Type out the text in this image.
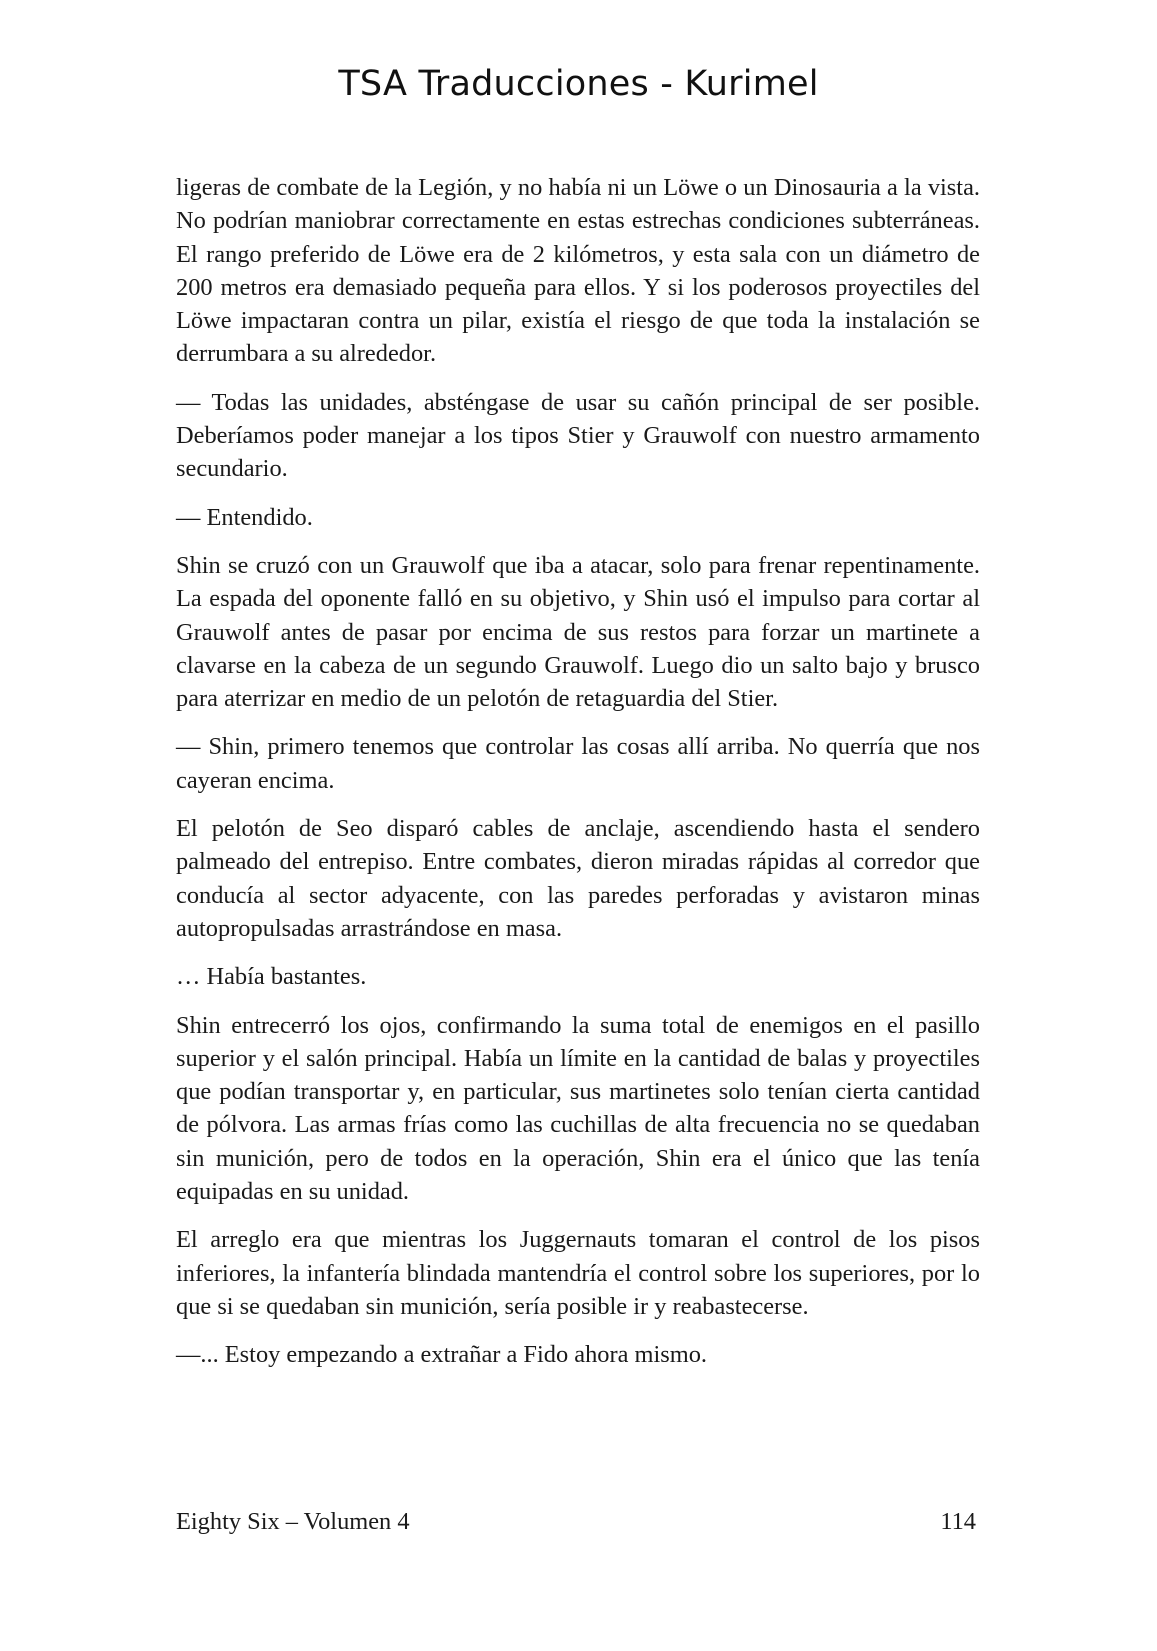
TSA Traducciones - Kurimel

ligeras de combate de la Legión, y no había ni un Löwe o un Dinosauria a la vista. No podrían maniobrar correctamente en estas estrechas condiciones subterráneas. El rango preferido de Löwe era de 2 kilómetros, y esta sala con un diámetro de 200 metros era demasiado pequeña para ellos. Y si los poderosos proyectiles del Löwe impactaran contra un pilar, existía el riesgo de que toda la instalación se derrumbara a su alrededor.

— Todas las unidades, absténgase de usar su cañón principal de ser posible. Deberíamos poder manejar a los tipos Stier y Grauwolf con nuestro armamento secundario.

— Entendido.

Shin se cruzó con un Grauwolf que iba a atacar, solo para frenar repentinamente. La espada del oponente falló en su objetivo, y Shin usó el impulso para cortar al Grauwolf antes de pasar por encima de sus restos para forzar un martinete a clavarse en la cabeza de un segundo Grauwolf. Luego dio un salto bajo y brusco para aterrizar en medio de un pelotón de retaguardia del Stier.

— Shin, primero tenemos que controlar las cosas allí arriba. No querría que nos cayeran encima.

El pelotón de Seo disparó cables de anclaje, ascendiendo hasta el sendero palmeado del entrepiso. Entre combates, dieron miradas rápidas al corredor que conducía al sector adyacente, con las paredes perforadas y avistaron minas autopropulsadas arrastrándose en masa.

… Había bastantes.

Shin entrecerró los ojos, confirmando la suma total de enemigos en el pasillo superior y el salón principal. Había un límite en la cantidad de balas y proyectiles que podían transportar y, en particular, sus martinetes solo tenían cierta cantidad de pólvora. Las armas frías como las cuchillas de alta frecuencia no se quedaban sin munición, pero de todos en la operación, Shin era el único que las tenía equipadas en su unidad.

El arreglo era que mientras los Juggernauts tomaran el control de los pisos inferiores, la infantería blindada mantendría el control sobre los superiores, por lo que si se quedaban sin munición, sería posible ir y reabastecerse.

—... Estoy empezando a extrañar a Fido ahora mismo.

Eighty Six – Volumen 4	114
